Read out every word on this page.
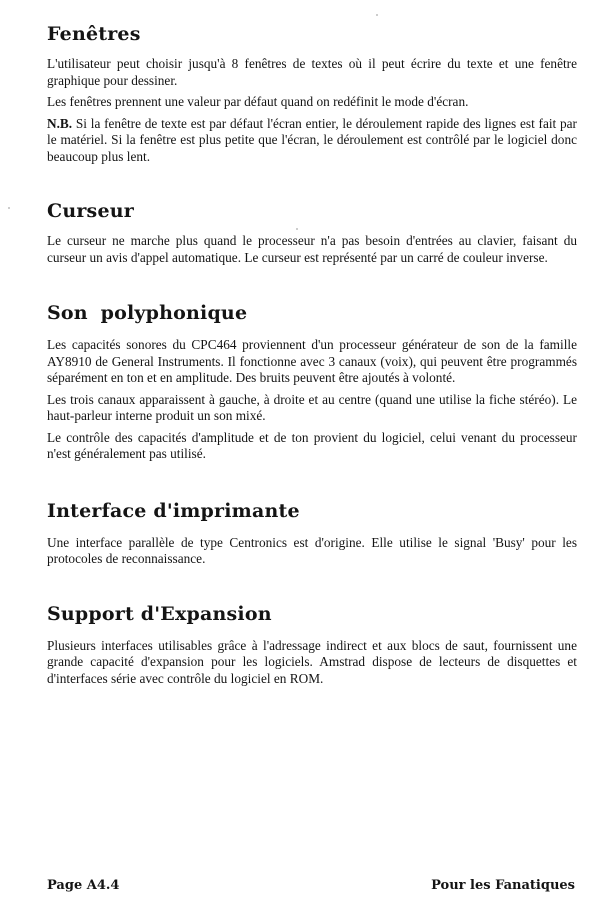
Fenêtres

L'utilisateur peut choisir jusqu'à 8 fenêtres de textes où il peut écrire du texte et une fenêtre graphique pour dessiner.

Les fenêtres prennent une valeur par défaut quand on redéfinit le mode d'écran.

N.B. Si la fenêtre de texte est par défaut l'écran entier, le déroulement rapide des lignes est fait par le matériel. Si la fenêtre est plus petite que l'écran, le déroulement est contrôlé par le logiciel donc beaucoup plus lent.

Curseur

Le curseur ne marche plus quand le processeur n'a pas besoin d'entrées au clavier, faisant du curseur un avis d'appel automatique. Le curseur est représenté par un carré de couleur inverse.

Son polyphonique

Les capacités sonores du CPC464 proviennent d'un processeur générateur de son de la famille AY8910 de General Instruments. Il fonctionne avec 3 canaux (voix), qui peuvent être programmés séparément en ton et en amplitude. Des bruits peuvent être ajoutés à volonté.

Les trois canaux apparaissent à gauche, à droite et au centre (quand une utilise la fiche stéréo). Le haut-parleur interne produit un son mixé.

Le contrôle des capacités d'amplitude et de ton provient du logiciel, celui venant du processeur n'est généralement pas utilisé.

Interface d'imprimante

Une interface parallèle de type Centronics est d'origine. Elle utilise le signal 'Busy' pour les protocoles de reconnaissance.

Support d'Expansion

Plusieurs interfaces utilisables grâce à l'adressage indirect et aux blocs de saut, fournissent une grande capacité d'expansion pour les logiciels. Amstrad dispose de lecteurs de disquettes et d'interfaces série avec contrôle du logiciel en ROM.

Page A4.4	Pour les Fanatiques
